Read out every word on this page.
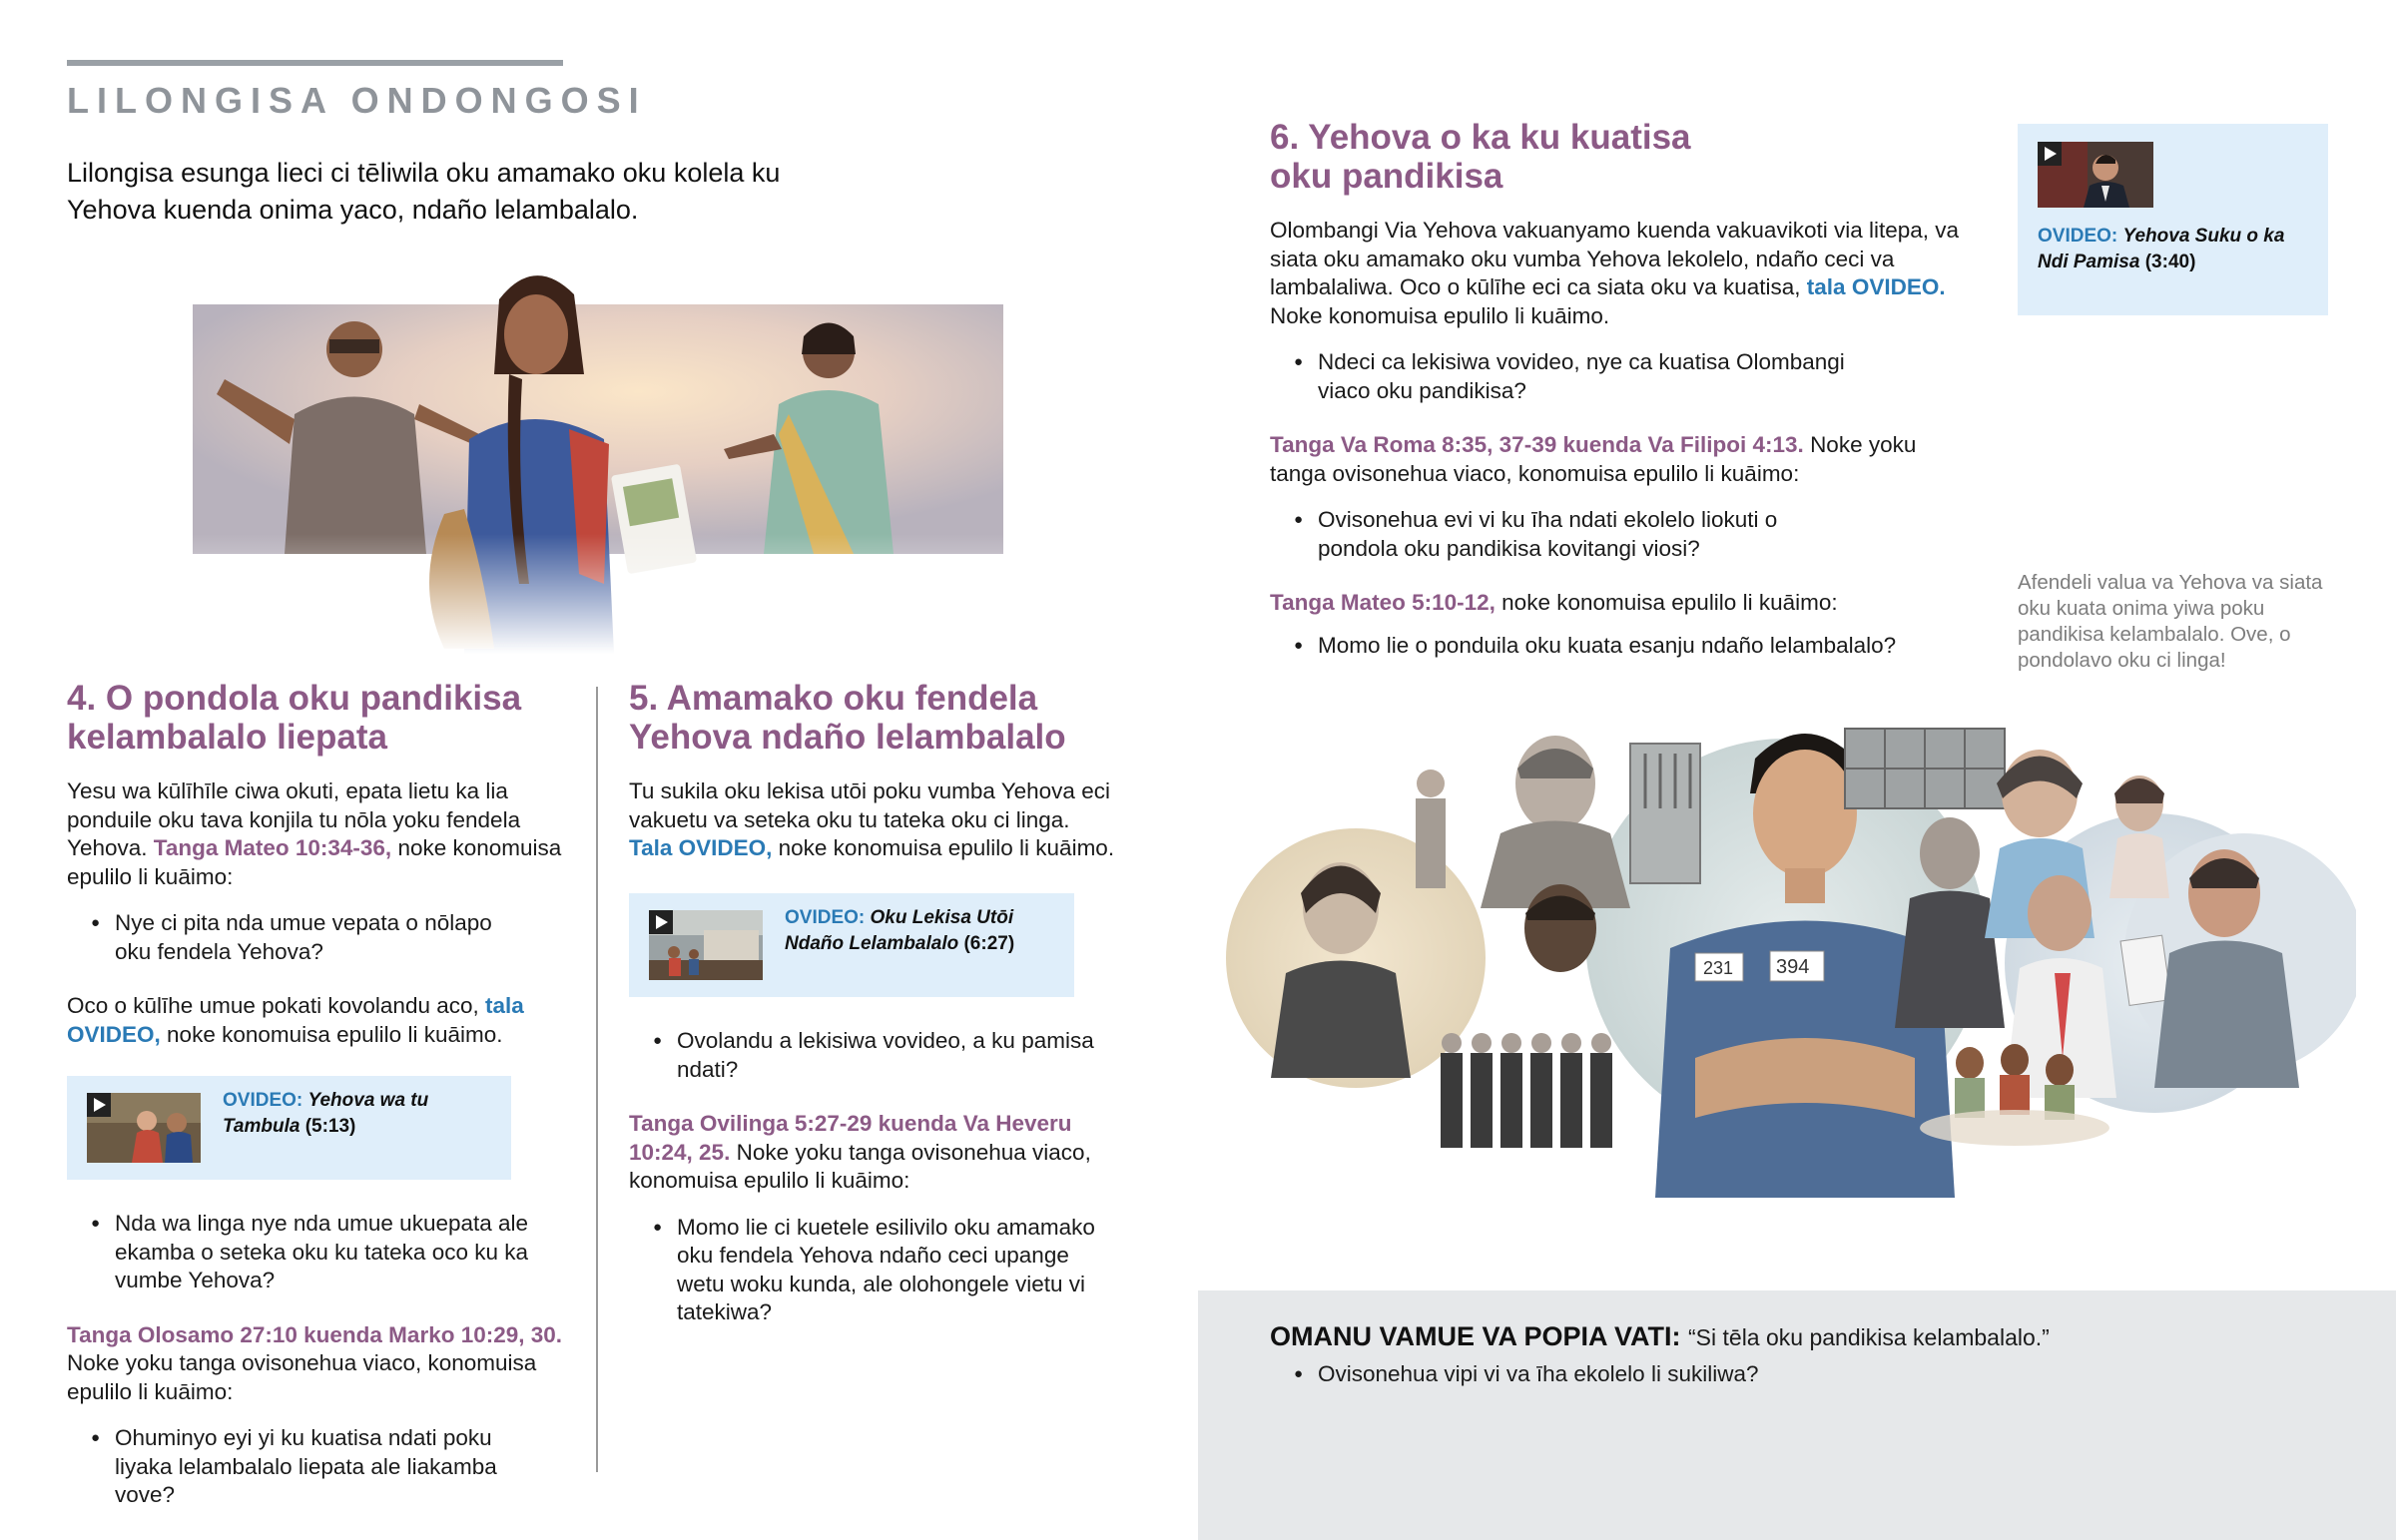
LILONGISA ONDONGOSI
Lilongisa esunga lieci ci tēliwila oku amamako oku kolela ku Yehova kuenda onima yaco, ndaño lelambalalo.
4. O pondola oku pandikisa
kelambalalo liepata
Yesu wa kūlīhīle ciwa okuti, epata lietu ka lia ponduile oku tava konjila tu nōla yoku fendela Yehova. Tanga Mateo 10:34-36, noke konomuisa epulilo li kuāimo:
● Nye ci pita nda umue vepata o nōlapo oku fendela Yehova?
Oco o kūlīhe umue pokati kovolandu aco, tala OVIDEO, noke konomuisa epulilo li kuāimo.
OVIDEO: Yehova wa tu Tambula (5:13)
● Nda wa linga nye nda umue ukuepata ale ekamba o seteka oku ku tateka oco ku ka vumbe Yehova?
Tanga Olosamo 27:10 kuenda Marko 10:29, 30. Noke yoku tanga ovisonehua viaco, konomuisa epulilo li kuāimo:
● Ohuminyo eyi yi ku kuatisa ndati poku liyaka lelambalalo liepata ale liakamba vove?
5. Amamako oku fendela
Yehova ndaño lelambalalo
Tu sukila oku lekisa utōi poku vumba Yehova eci vakuetu va seteka oku tu tateka oku ci linga. Tala OVIDEO, noke konomuisa epulilo li kuāimo.
OVIDEO: Oku Lekisa Utōi Ndaño Lelambalalo (6:27)
● Ovolandu a lekisiwa vovideo, a ku pamisa ndati?
Tanga Ovilinga 5:27-29 kuenda Va Heveru 10:24, 25. Noke yoku tanga ovisonehua viaco, konomuisa epulilo li kuāimo:
● Momo lie ci kuetele esilivilo oku amamako oku fendela Yehova ndaño ceci upange wetu woku kunda, ale olohongele vietu vi tatekiwa?
6. Yehova o ka ku kuatisa
oku pandikisa
Olombangi Via Yehova vakuanyamo kuenda vakuavikoti via litepa, va siata oku amamako oku vumba Yehova lekolelo, ndaño ceci va lambalaliwa. Oco o kūlīhe eci ca siata oku va kuatisa, tala OVIDEO. Noke konomuisa epulilo li kuāimo.
● Ndeci ca lekisiwa vovideo, nye ca kuatisa Olombangi viaco oku pandikisa?
Tanga Va Roma 8:35, 37-39 kuenda Va Filipoi 4:13. Noke yoku tanga ovisonehua viaco, konomuisa epulilo li kuāimo:
● Ovisonehua evi vi ku īha ndati ekolelo liokuti o pondola oku pandikisa kovitangi viosi?
Tanga Mateo 5:10-12, noke konomuisa epulilo li kuāimo:
● Momo lie o ponduila oku kuata esanju ndaño lelambalalo?
OVIDEO: Yehova Suku o ka Ndi Pamisa (3:40)
Afendeli valua va Yehova va siata oku kuata onima yiwa poku pandikisa kelambalalo. Ove, o pondolavo oku ci linga!
231 394
OMANU VAMUE VA POPIA VATI: “Si tēla oku pandikisa kelambalalo.”
● Ovisonehua vipi vi va īha ekolelo li sukiliwa?
